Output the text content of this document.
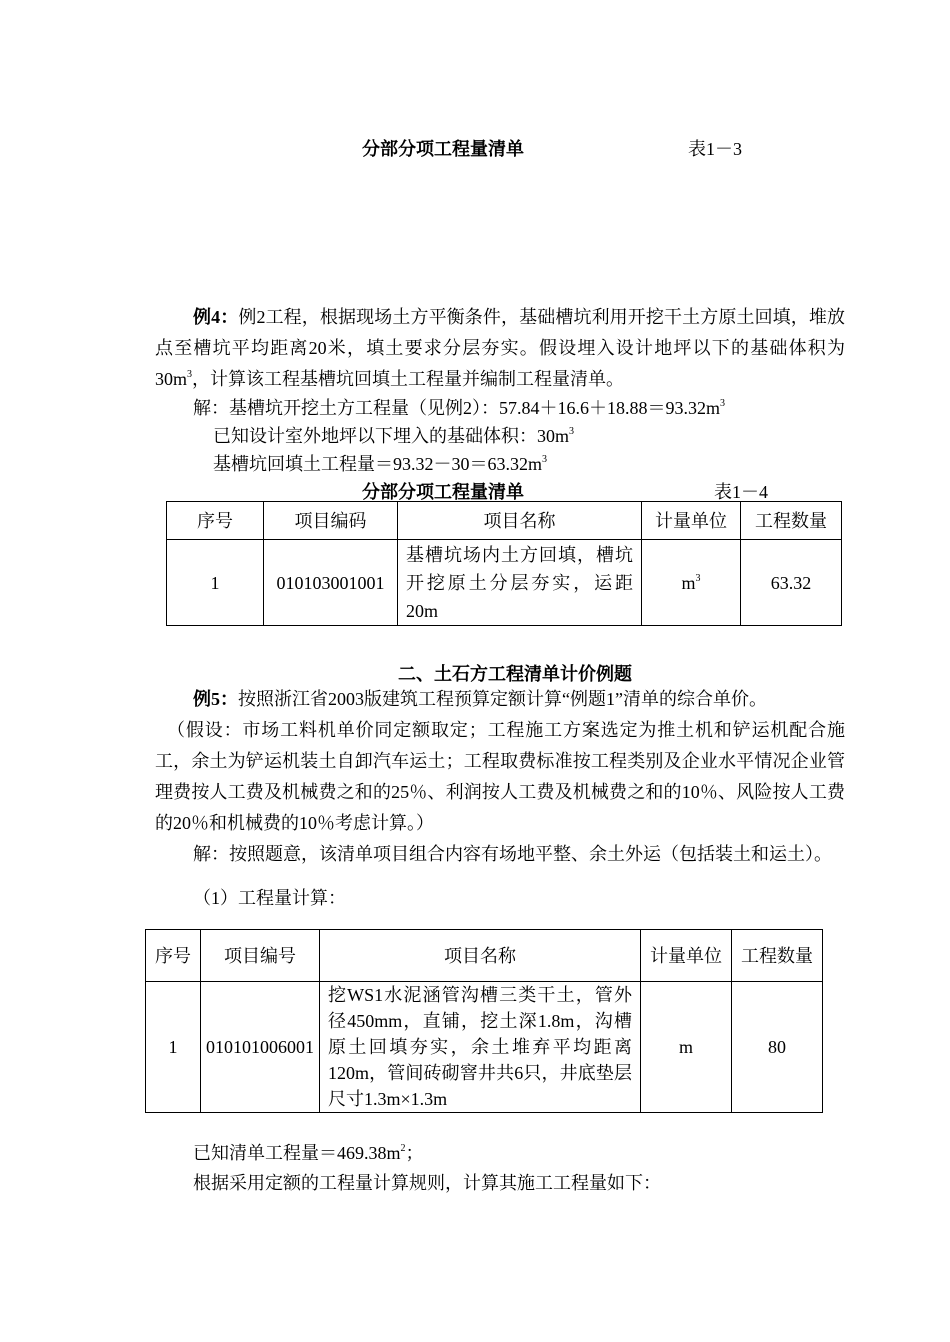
分部分项工程量清单	表1－3
例4：例2工程，根据现场土方平衡条件，基础槽坑利用开挖干土方原土回填，堆放点至槽坑平均距离20米，填土要求分层夯实。假设埋入设计地坪以下的基础体积为$30m^3$，计算该工程基槽坑回填土工程量并编制工程量清单。
解：基槽坑开挖土方工程量（见例2）：$57.84+16.6+18.88=93.32m^3$
已知设计室外地坪以下埋入的基础体积：$30m^3$
基槽坑回填土工程量$=93.32-30=63.32m^3$
分部分项工程量清单	表1－4
序号	项目编码	项目名称	计量单位	工程数量
1	010103001001	基槽坑场内土方回填，槽坑开挖原土分层夯实，运距20m	$m^3$	63.32
二、土石方工程清单计价例题
例5：按照浙江省2003版建筑工程预算定额计算“例题1”清单的综合单价。
（假设：市场工料机单价同定额取定；工程施工方案选定为推土机和铲运机配合施工，余土为铲运机装土自卸汽车运土；工程取费标准按工程类别及企业水平情况企业管理费按人工费及机械费之和的25％、利润按人工费及机械费之和的10％、风险按人工费的20％和机械费的10％考虑计算。）
解：按照题意，该清单项目组合内容有场地平整、余土外运（包括装土和运土）。
（1）工程量计算：
序号	项目编号	项目名称	计量单位	工程数量
1	010101006001	挖WS1水泥涵管沟槽三类干土，管外径450mm，直铺，挖土深1.8m，沟槽原土回填夯实，余土堆弃平均距离120m，管间砖砌窨井共6只，井底垫层尺寸1.3m×1.3m	m	80
已知清单工程量$=469.38m^2$；
根据采用定额的工程量计算规则，计算其施工工程量如下：
